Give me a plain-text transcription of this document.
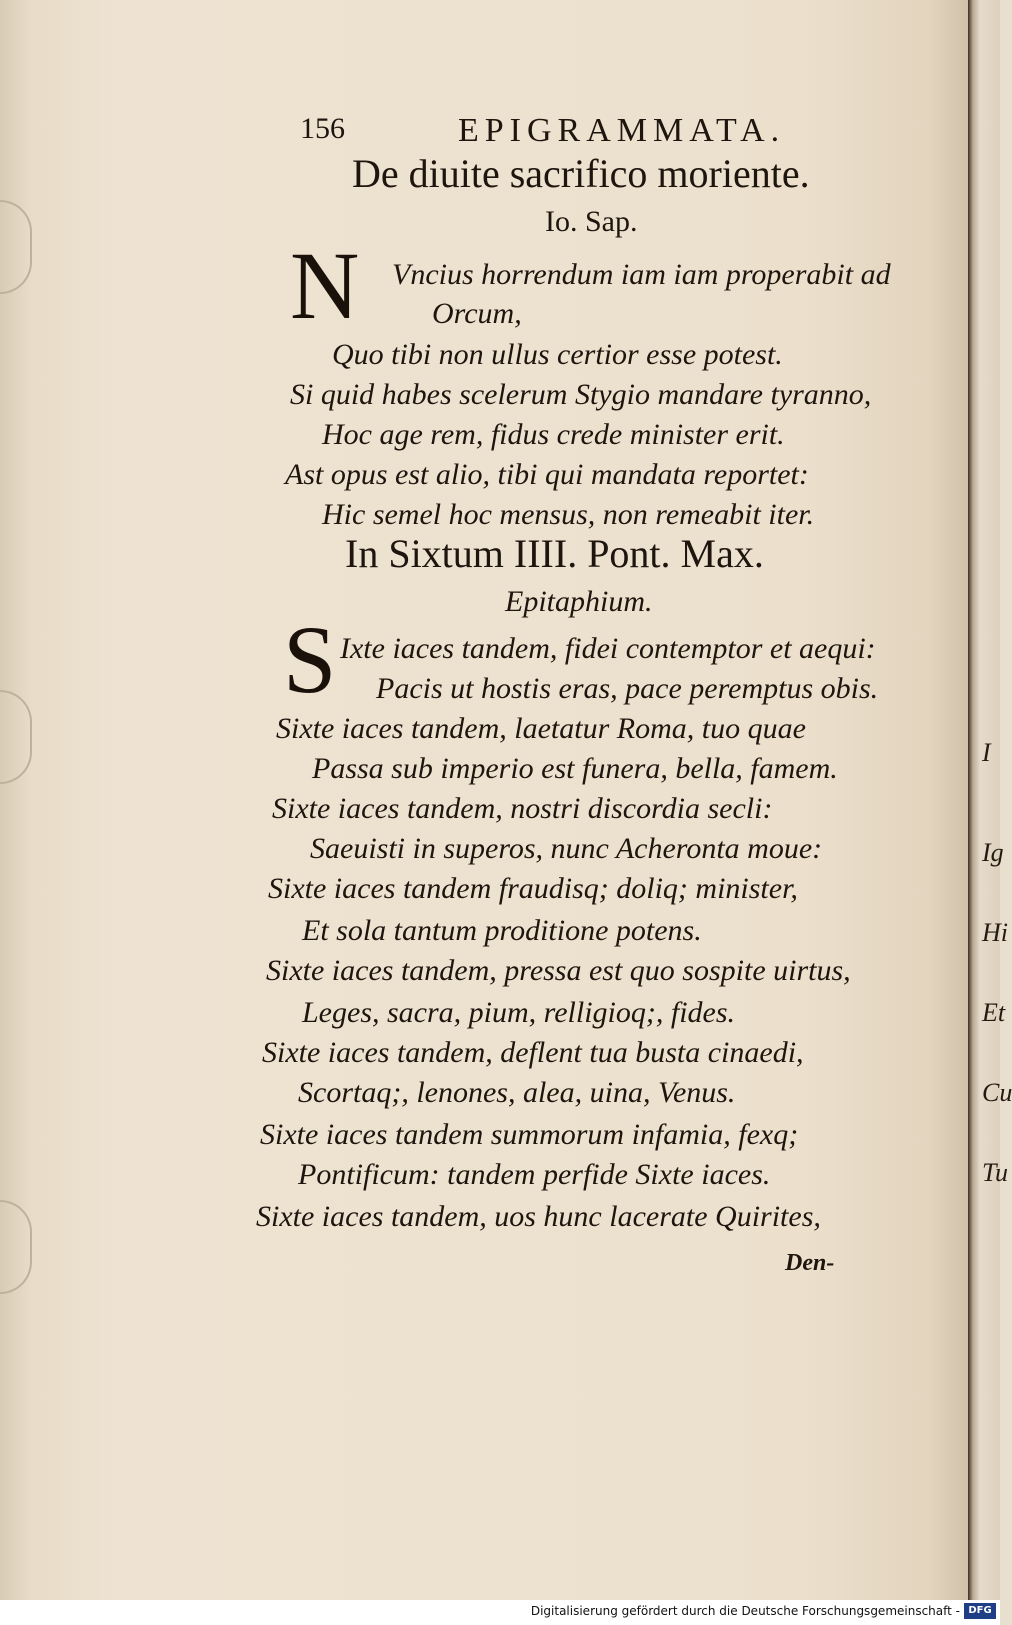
156	EPIGRAMMATA.
De diuite sacrifico moriente.
Io. Sap.
N Vncius horrendum iam iam properabit ad
Orcum,
Quo tibi non ullus certior esse potest.
Si quid habes scelerum Stygio mandare tyranno,
Hoc age rem, fidus crede minister erit.
Ast opus est alio, tibi qui mandata reportet:
Hic semel hoc mensus, non remeabit iter.
In Sixtum IIII. Pont. Max.
Epitaphium.
S Ixte iaces tandem, fidei contemptor et aequi:
Pacis ut hostis eras, pace peremptus obis.
Sixte iaces tandem, laetatur Roma, tuo quae
Passa sub imperio est funera, bella, famem.
Sixte iaces tandem, nostri discordia secli:
Saeuisti in superos, nunc Acheronta moue:
Sixte iaces tandem fraudisq; doliq; minister,
Et sola tantum proditione potens.
Sixte iaces tandem, pressa est quo sospite uirtus,
Leges, sacra, pium, relligioq;, fides.
Sixte iaces tandem, deflent tua busta cinaedi,
Scortaq;, lenones, alea, uina, Venus.
Sixte iaces tandem summorum infamia, fexq;
Pontificum: tandem perfide Sixte iaces.
Sixte iaces tandem, uos hunc lacerate Quirites,
Den-
I
Ig
Hi
Et
Cu
Tu
Digitalisierung gefördert durch die Deutsche Forschungsgemeinschaft - DFG
